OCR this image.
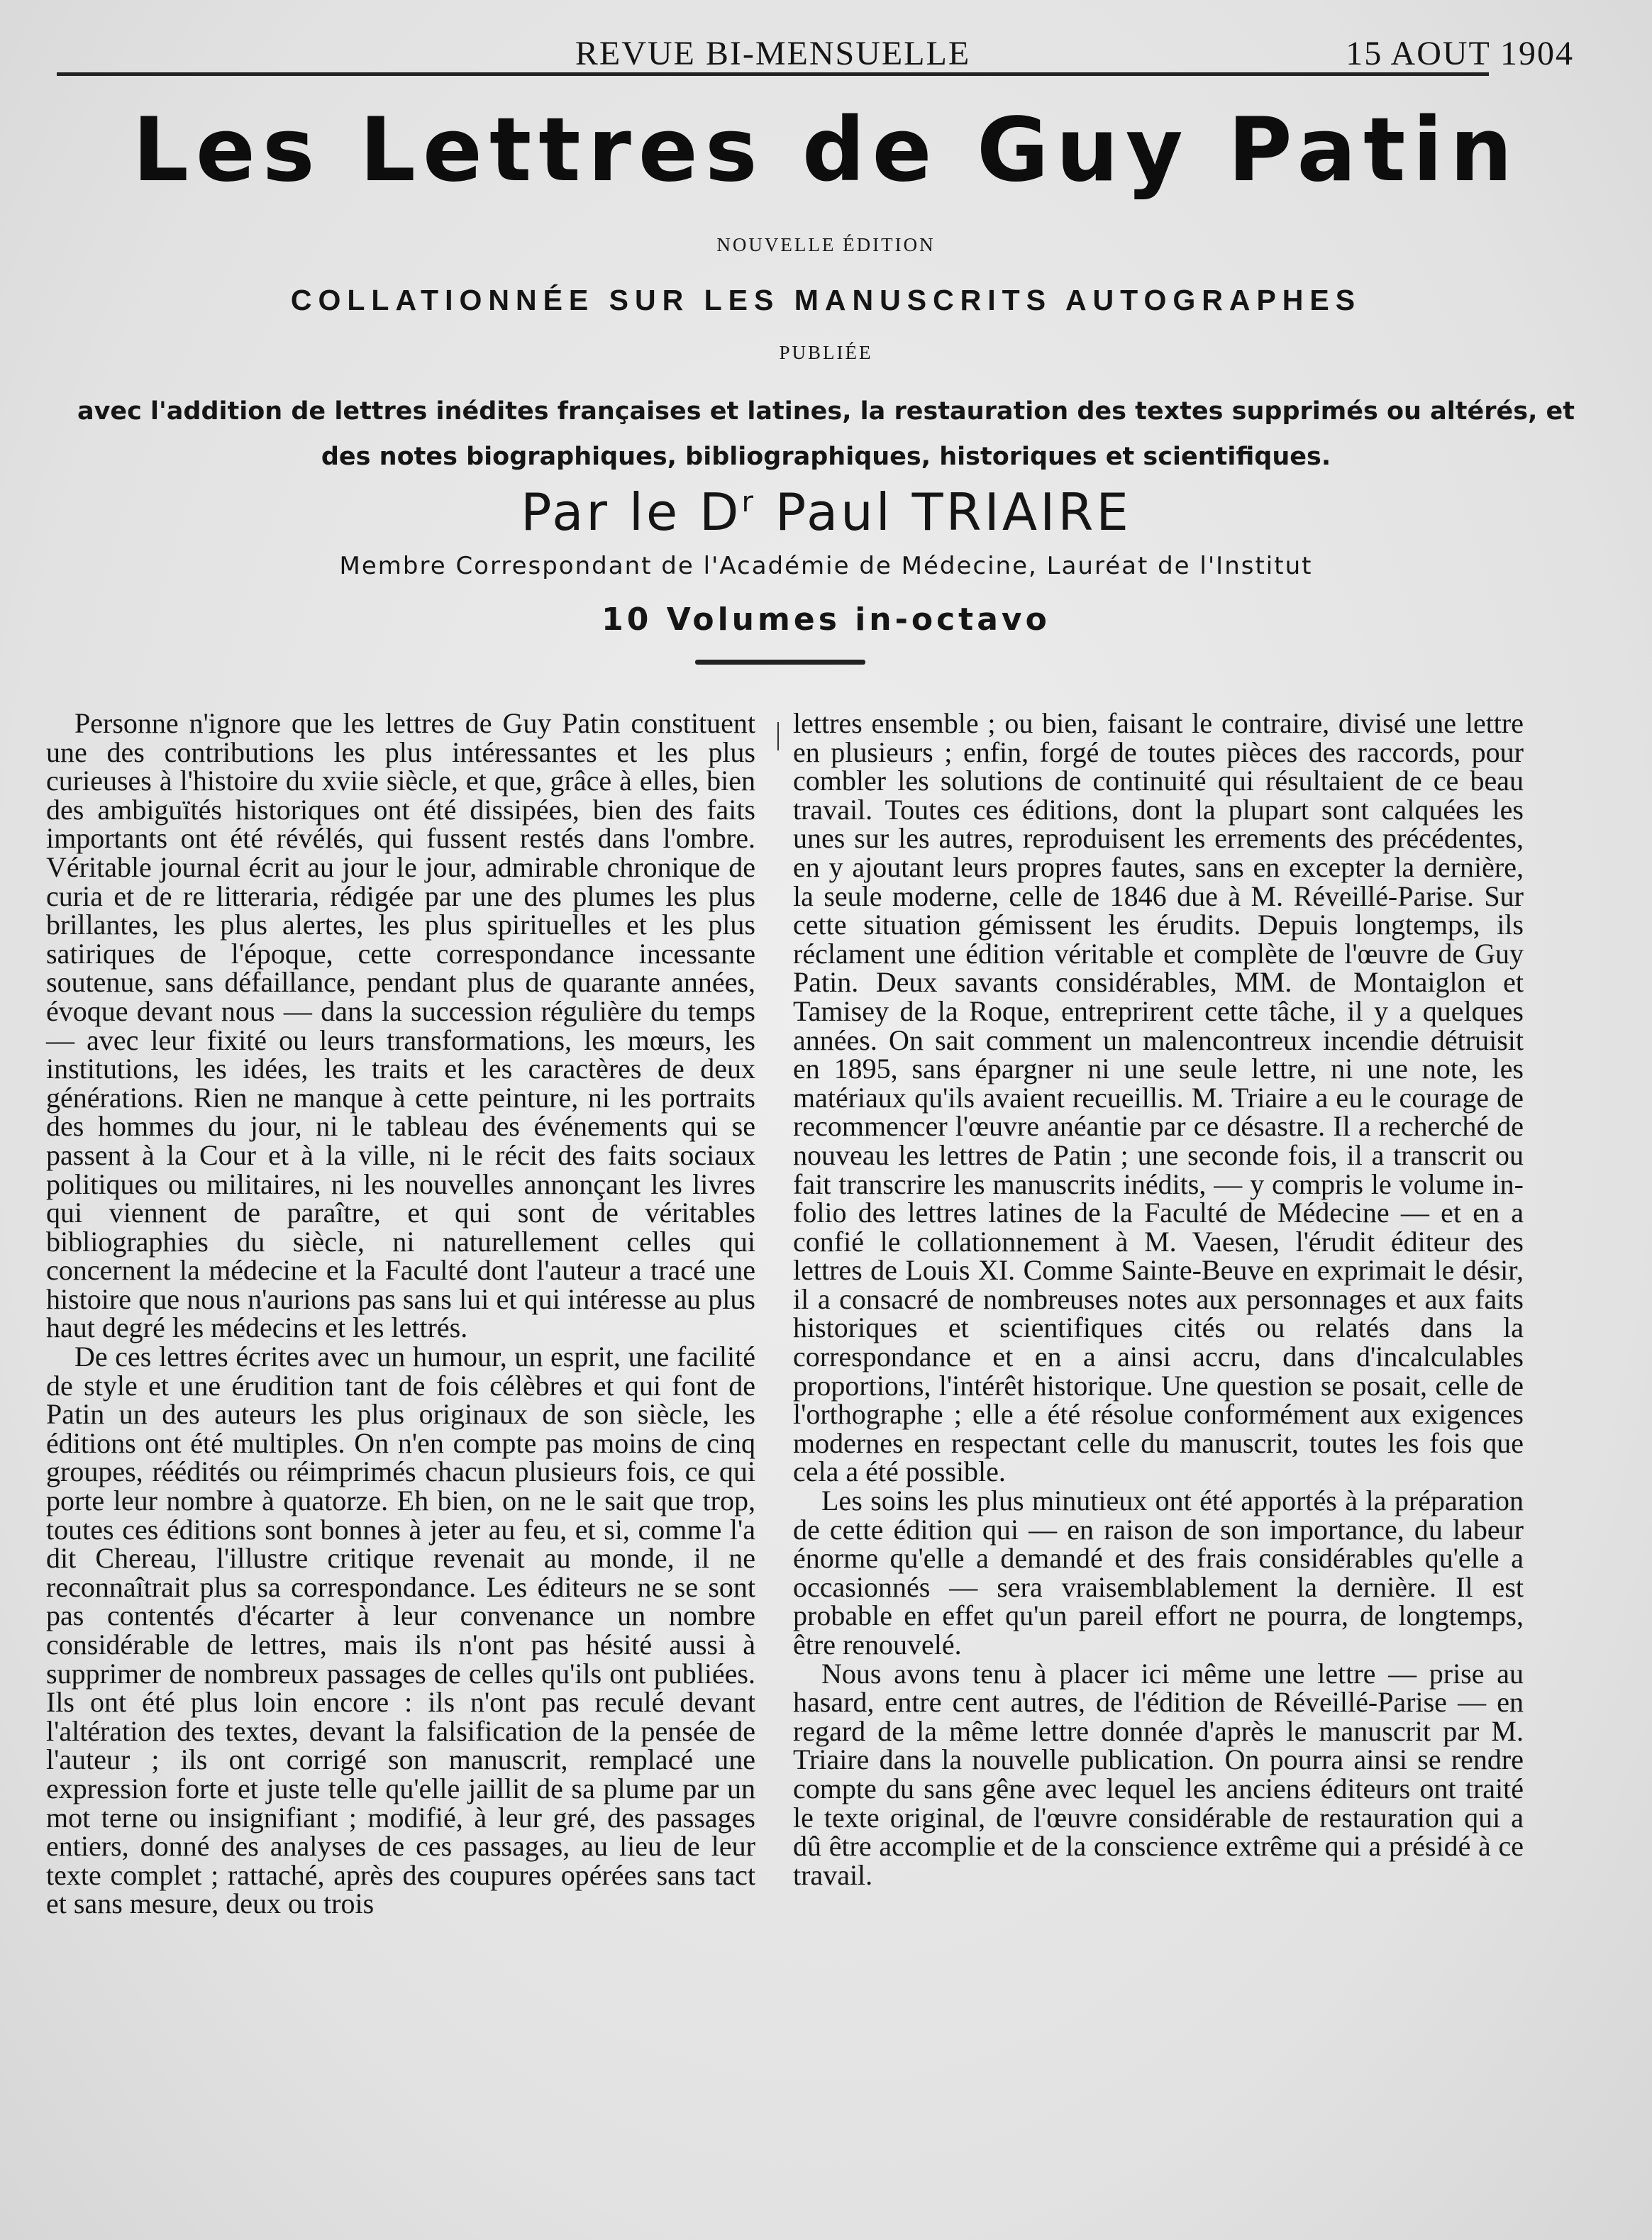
REVUE BI-MENSUELLE	15 AOUT 1904
Les Lettres de Guy Patin
NOUVELLE ÉDITION
COLLATIONNÉE SUR LES MANUSCRITS AUTOGRAPHES
PUBLIÉE
avec l'addition de lettres inédites françaises et latines, la restauration des textes supprimés ou altérés, et des notes biographiques, bibliographiques, historiques et scientifiques.
Par le $D^r$ Paul TRIAIRE
Membre Correspondant de l'Académie de Médecine, Lauréat de l'Institut
10 Volumes in-octavo

Personne n'ignore que les lettres de Guy Patin constituent une des contributions les plus intéressantes et les plus curieuses à l'histoire du xviie siècle, et que, grâce à elles, bien des ambiguïtés historiques ont été dissipées, bien des faits importants ont été révélés, qui fussent restés dans l'ombre. Véritable journal écrit au jour le jour, admirable chronique de curia et de re litteraria, rédigée par une des plumes les plus brillantes, les plus alertes, les plus spirituelles et les plus satiriques de l'époque, cette correspondance incessante soutenue, sans défaillance, pendant plus de quarante années, évoque devant nous — dans la succession régulière du temps — avec leur fixité ou leurs transformations, les mœurs, les institutions, les idées, les traits et les caractères de deux générations. Rien ne manque à cette peinture, ni les portraits des hommes du jour, ni le tableau des événements qui se passent à la Cour et à la ville, ni le récit des faits sociaux politiques ou militaires, ni les nouvelles annonçant les livres qui viennent de paraître, et qui sont de véritables bibliographies du siècle, ni naturellement celles qui concernent la médecine et la Faculté dont l'auteur a tracé une histoire que nous n'aurions pas sans lui et qui intéresse au plus haut degré les médecins et les lettrés.

De ces lettres écrites avec un humour, un esprit, une facilité de style et une érudition tant de fois célèbres et qui font de Patin un des auteurs les plus originaux de son siècle, les éditions ont été multiples. On n'en compte pas moins de cinq groupes, réédités ou réimprimés chacun plusieurs fois, ce qui porte leur nombre à quatorze. Eh bien, on ne le sait que trop, toutes ces éditions sont bonnes à jeter au feu, et si, comme l'a dit Chereau, l'illustre critique revenait au monde, il ne reconnaîtrait plus sa correspondance. Les éditeurs ne se sont pas contentés d'écarter à leur convenance un nombre considérable de lettres, mais ils n'ont pas hésité aussi à supprimer de nombreux passages de celles qu'ils ont publiées. Ils ont été plus loin encore : ils n'ont pas reculé devant l'altération des textes, devant la falsification de la pensée de l'auteur ; ils ont corrigé son manuscrit, remplacé une expression forte et juste telle qu'elle jaillit de sa plume par un mot terne ou insignifiant ; modifié, à leur gré, des passages entiers, donné des analyses de ces passages, au lieu de leur texte complet ; rattaché, après des coupures opérées sans tact et sans mesure, deux ou trois

lettres ensemble ; ou bien, faisant le contraire, divisé une lettre en plusieurs ; enfin, forgé de toutes pièces des raccords, pour combler les solutions de continuité qui résultaient de ce beau travail. Toutes ces éditions, dont la plupart sont calquées les unes sur les autres, reproduisent les errements des précédentes, en y ajoutant leurs propres fautes, sans en excepter la dernière, la seule moderne, celle de 1846 due à M. Réveillé-Parise. Sur cette situation gémissent les érudits. Depuis longtemps, ils réclament une édition véritable et complète de l'œuvre de Guy Patin. Deux savants considérables, MM. de Montaiglon et Tamisey de la Roque, entreprirent cette tâche, il y a quelques années. On sait comment un malencontreux incendie détruisit en 1895, sans épargner ni une seule lettre, ni une note, les matériaux qu'ils avaient recueillis. M. Triaire a eu le courage de recommencer l'œuvre anéantie par ce désastre. Il a recherché de nouveau les lettres de Patin ; une seconde fois, il a transcrit ou fait transcrire les manuscrits inédits, — y compris le volume in-folio des lettres latines de la Faculté de Médecine — et en a confié le collationnement à M. Vaesen, l'érudit éditeur des lettres de Louis XI. Comme Sainte-Beuve en exprimait le désir, il a consacré de nombreuses notes aux personnages et aux faits historiques et scientifiques cités ou relatés dans la correspondance et en a ainsi accru, dans d'incalculables proportions, l'intérêt historique. Une question se posait, celle de l'orthographe ; elle a été résolue conformément aux exigences modernes en respectant celle du manuscrit, toutes les fois que cela a été possible.

Les soins les plus minutieux ont été apportés à la préparation de cette édition qui — en raison de son importance, du labeur énorme qu'elle a demandé et des frais considérables qu'elle a occasionnés — sera vraisemblablement la dernière. Il est probable en effet qu'un pareil effort ne pourra, de longtemps, être renouvelé.

Nous avons tenu à placer ici même une lettre — prise au hasard, entre cent autres, de l'édition de Réveillé-Parise — en regard de la même lettre donnée d'après le manuscrit par M. Triaire dans la nouvelle publication. On pourra ainsi se rendre compte du sans gêne avec lequel les anciens éditeurs ont traité le texte original, de l'œuvre considérable de restauration qui a dû être accomplie et de la conscience extrême qui a présidé à ce travail.
